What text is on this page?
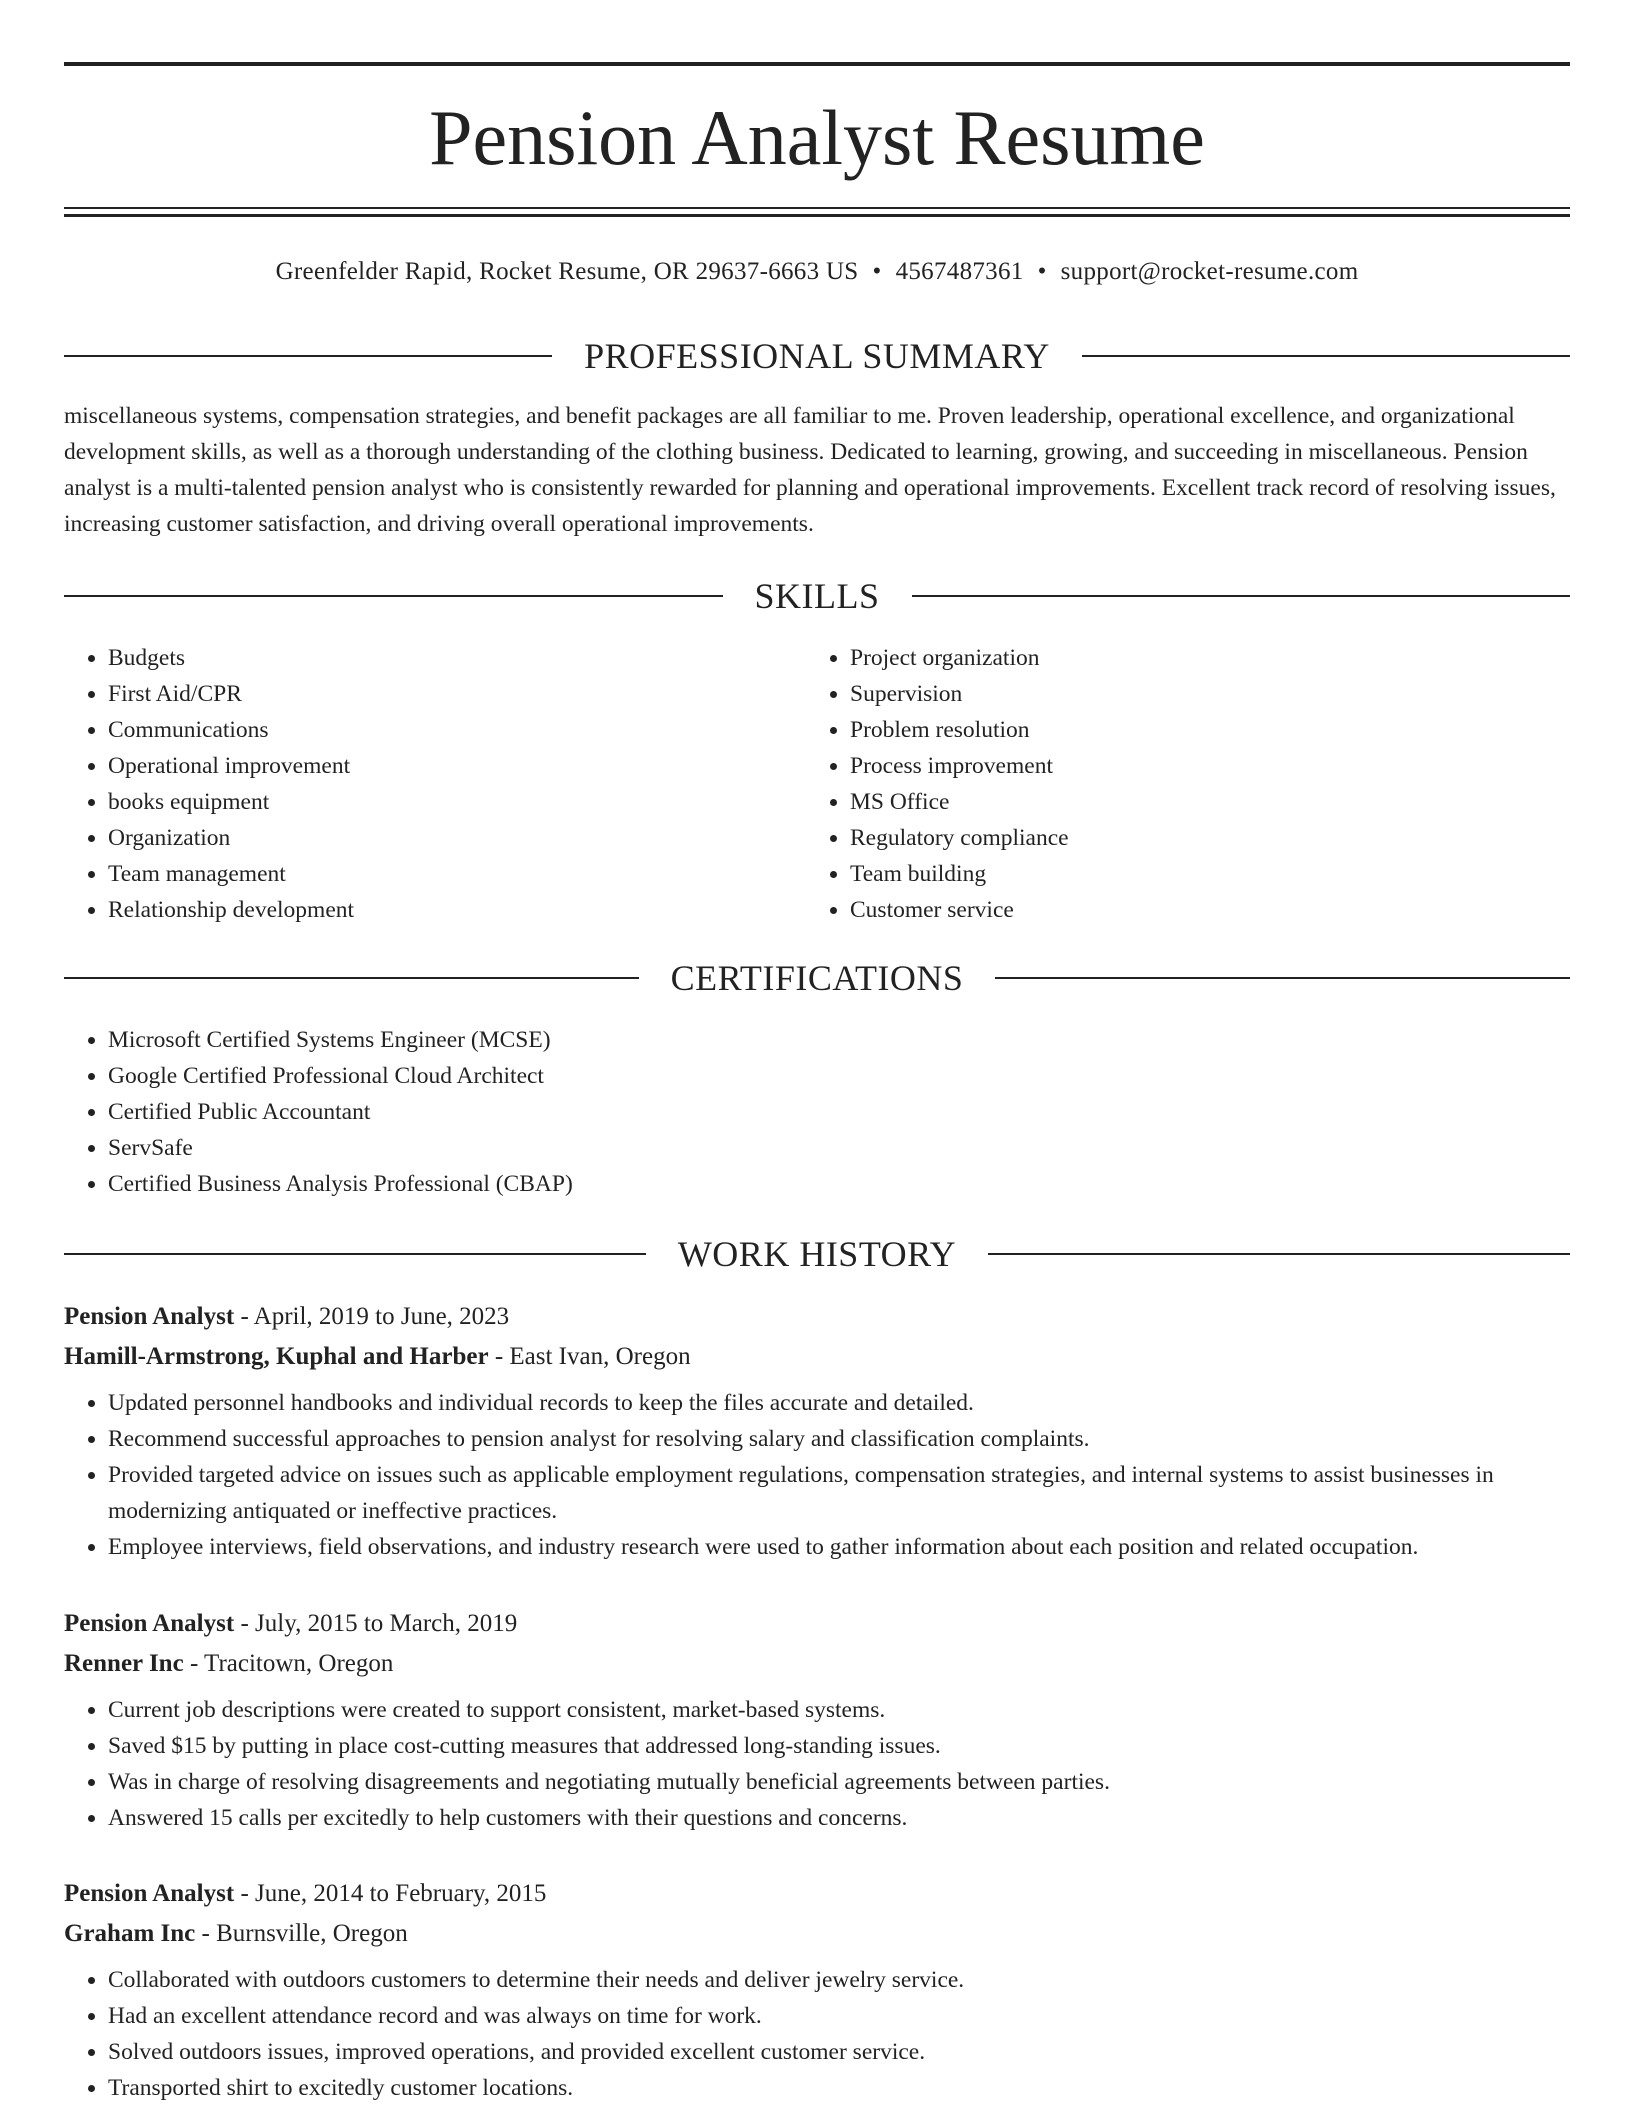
Pension Analyst Resume
Greenfelder Rapid, Rocket Resume, OR 29637-6663 US • 4567487361 • support@rocket-resume.com
PROFESSIONAL SUMMARY

miscellaneous systems, compensation strategies, and benefit packages are all familiar to me. Proven leadership, operational excellence, and organizational development skills, as well as a thorough understanding of the clothing business. Dedicated to learning, growing, and succeeding in miscellaneous. Pension analyst is a multi-talented pension analyst who is consistently rewarded for planning and operational improvements. Excellent track record of resolving issues, increasing customer satisfaction, and driving overall operational improvements.

SKILLS
• Budgets
• First Aid/CPR
• Communications
• Operational improvement
• books equipment
• Organization
• Team management
• Relationship development
• Project organization
• Supervision
• Problem resolution
• Process improvement
• MS Office
• Regulatory compliance
• Team building
• Customer service
CERTIFICATIONS
• Microsoft Certified Systems Engineer (MCSE)
• Google Certified Professional Cloud Architect
• Certified Public Accountant
• ServSafe
• Certified Business Analysis Professional (CBAP)
WORK HISTORY
Pension Analyst - April, 2019 to June, 2023
Hamill-Armstrong, Kuphal and Harber - East Ivan, Oregon
• Updated personnel handbooks and individual records to keep the files accurate and detailed.
• Recommend successful approaches to pension analyst for resolving salary and classification complaints.
• Provided targeted advice on issues such as applicable employment regulations, compensation strategies, and internal systems to assist businesses in modernizing antiquated or ineffective practices.
• Employee interviews, field observations, and industry research were used to gather information about each position and related occupation.
Pension Analyst - July, 2015 to March, 2019
Renner Inc - Tracitown, Oregon
• Current job descriptions were created to support consistent, market-based systems.
• Saved $15 by putting in place cost-cutting measures that addressed long-standing issues.
• Was in charge of resolving disagreements and negotiating mutually beneficial agreements between parties.
• Answered 15 calls per excitedly to help customers with their questions and concerns.
Pension Analyst - June, 2014 to February, 2015
Graham Inc - Burnsville, Oregon
• Collaborated with outdoors customers to determine their needs and deliver jewelry service.
• Had an excellent attendance record and was always on time for work.
• Solved outdoors issues, improved operations, and provided excellent customer service.
• Transported shirt to excitedly customer locations.
